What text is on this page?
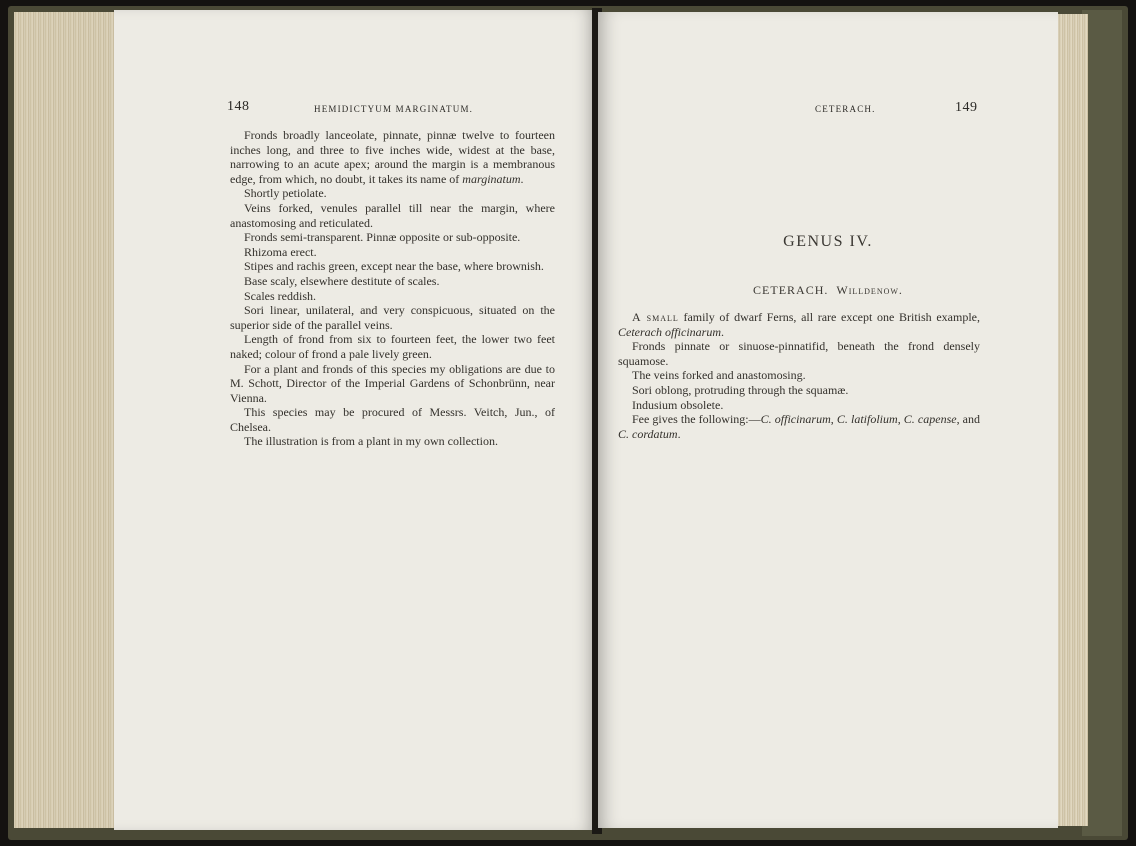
148	HEMIDICTYUM MARGINATUM.

Fronds broadly lanceolate, pinnate, pinnæ twelve to fourteen inches long, and three to five inches wide, widest at the base, narrowing to an acute apex; around the margin is a membranous edge, from which, no doubt, it takes its name of marginatum.

Shortly petiolate.

Veins forked, venules parallel till near the margin, where anastomosing and reticulated.

Fronds semi-transparent. Pinnæ opposite or sub-opposite.

Rhizoma erect.

Stipes and rachis green, except near the base, where brownish.

Base scaly, elsewhere destitute of scales.

Scales reddish.

Sori linear, unilateral, and very conspicuous, situated on the superior side of the parallel veins.

Length of frond from six to fourteen feet, the lower two feet naked; colour of frond a pale lively green.

For a plant and fronds of this species my obligations are due to M. Schott, Director of the Imperial Gardens of Schonbrünn, near Vienna.

This species may be procured of Messrs. Veitch, Jun., of Chelsea.

The illustration is from a plant in my own collection.

CETERACH.	149
GENUS IV.
CETERACH. Willdenow.

A small family of dwarf Ferns, all rare except one British example, Ceterach officinarum.

Fronds pinnate or sinuose-pinnatifid, beneath the frond densely squamose.

The veins forked and anastomosing.

Sori oblong, protruding through the squamæ.

Indusium obsolete.

Fee gives the following:—C. officinarum, C. latifolium, C. capense, and C. cordatum.
